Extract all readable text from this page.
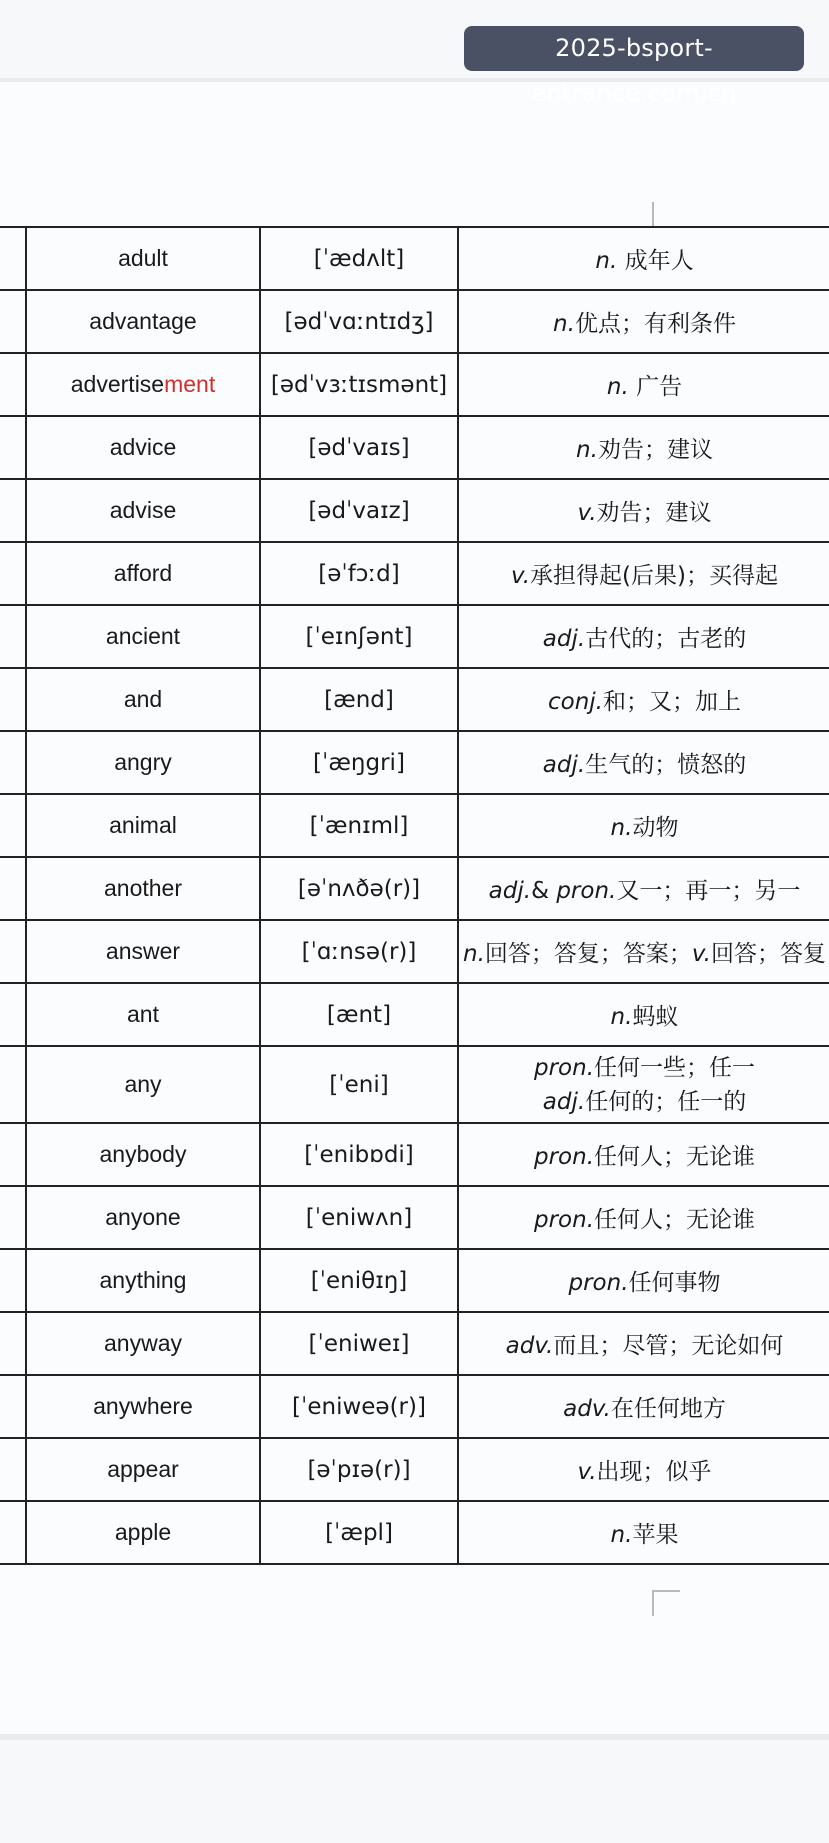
2025-bsport-entrance.com.cn
	adult	[ˈædʌlt]	n. 成年人	
	advantage	[ədˈvɑːntɪdʒ]	n.优点；有利条件	
	advertisement	[ədˈvɜːtɪsmənt]	n. 广告	
	advice	[ədˈvaɪs]	n.劝告；建议	
	advise	[ədˈvaɪz]	v.劝告；建议	
	afford	[əˈfɔːd]	v.承担得起(后果)；买得起	
	ancient	[ˈeɪnʃənt]	adj.古代的；古老的	
	and	[ænd]	conj.和；又；加上	
	angry	[ˈæŋgri]	adj.生气的；愤怒的	
	animal	[ˈænɪml]	n.动物	
	another	[əˈnʌðə(r)]	adj.& pron.又一；再一；另一	
	answer	[ˈɑːnsə(r)]	n.回答；答复；答案；v.回答；答复	
	ant	[ænt]	n.蚂蚁	
	any	[ˈeni]	pron.任何一些；任一
adj.任何的；任一的	

	anybody	[ˈenibɒdi]	pron.任何人；无论谁	
	anyone	[ˈeniwʌn]	pron.任何人；无论谁	
	anything	[ˈeniθɪŋ]	pron.任何事物	
	anyway	[ˈeniweɪ]	adv.而且；尽管；无论如何	
	anywhere	[ˈeniweə(r)]	adv.在任何地方	
	appear	[əˈpɪə(r)]	v.出现；似乎	
	apple	[ˈæpl]	n.苹果	
